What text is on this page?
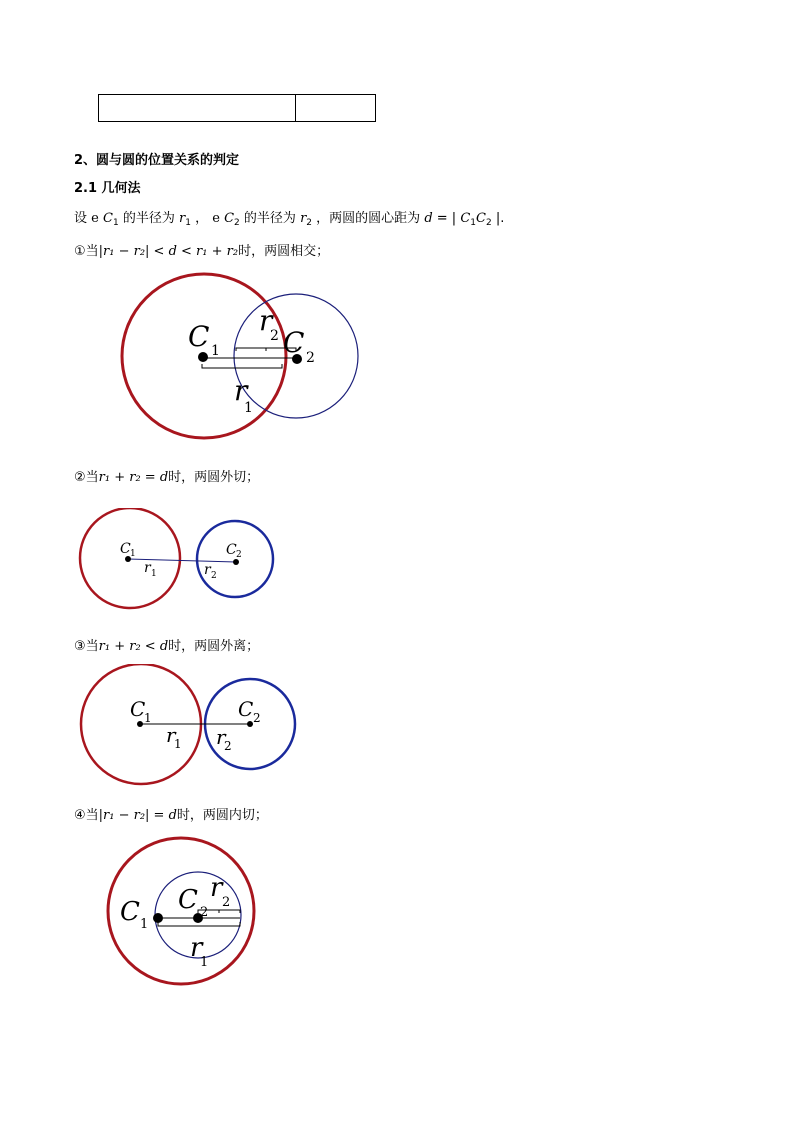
2、圆与圆的位置关系的判定
2.1 几何法
设 e $C_1$ 的半径为 $r_1$ ， e $C_2$ 的半径为 $r_2$ ，两圆的圆心距为 d = | $C_1C_2$ |.
①当|r₁ − r₂| < d < r₁ + r₂时，两圆相交；
C 1
r
2 C 2
r
1
②当r₁ + r₂ = d时，两圆外切；
C 1	C 2
r 1	r 2
③当r₁ + r₂ < d时，两圆外离；
C
1	C 2
r
1 r
2
④当|r₁ − r₂| = d时，两圆内切；
C 1
C 2
r 2
r
1
